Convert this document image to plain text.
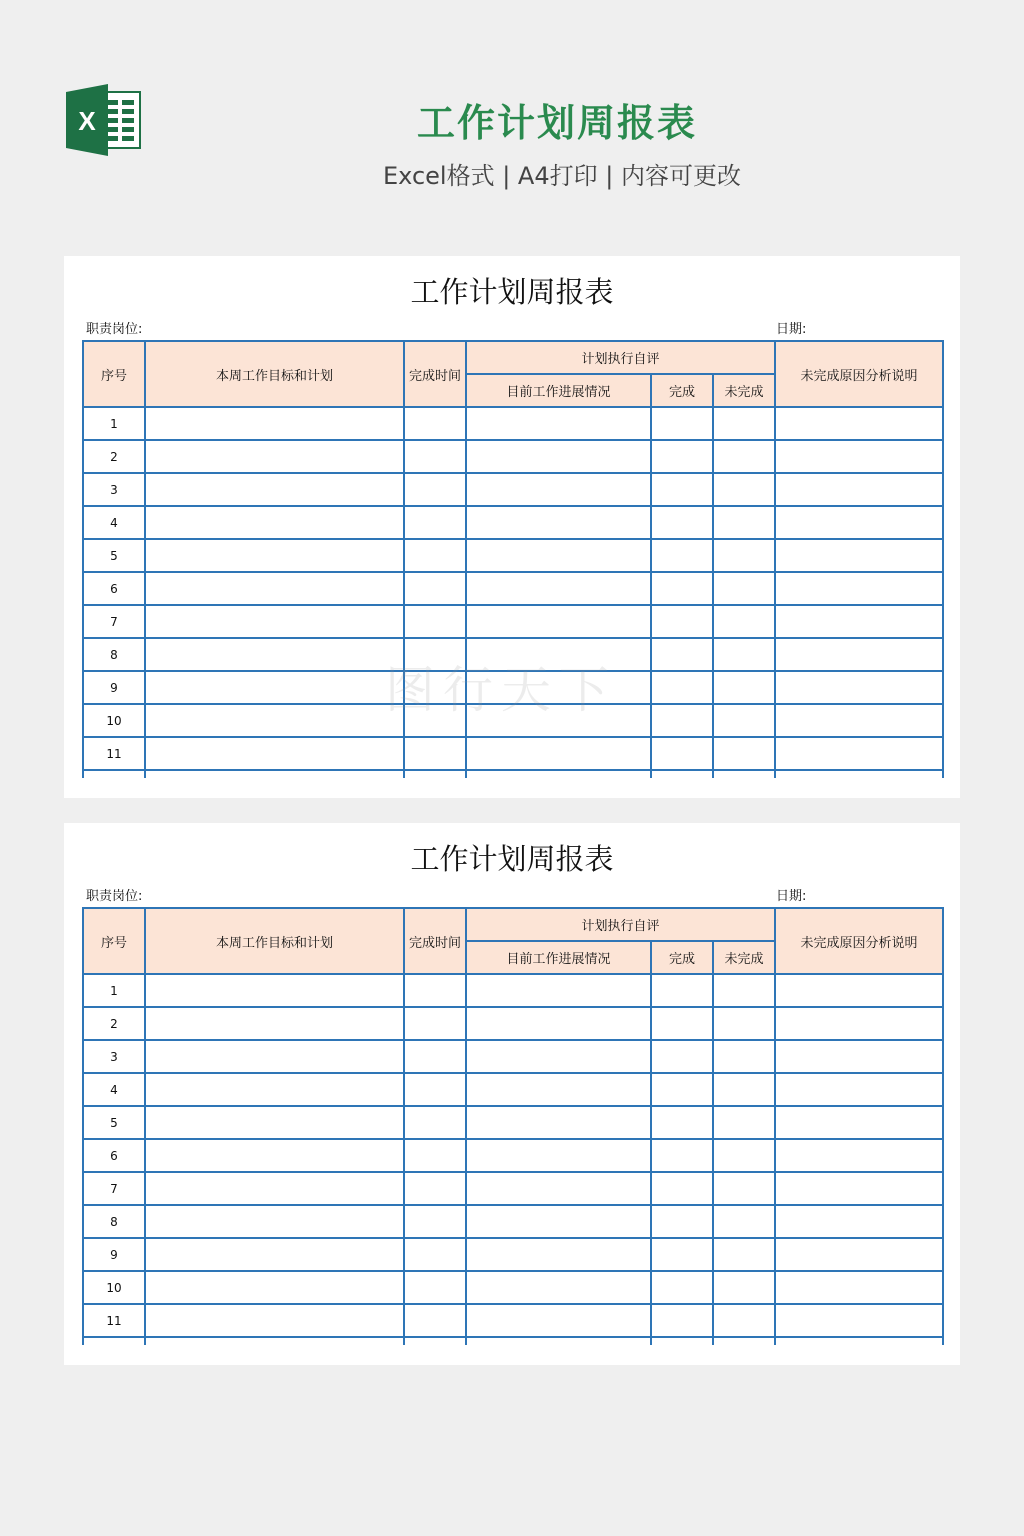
X	工作计划周报表
Excel格式 | A4打印 | 内容可更改
工作计划周报表
职责岗位:	日期:
序号	本周工作目标和计划	完成时间	计划执行自评			未完成原因分析说明
			目前工作进展情况	完成	未完成	
1						
2						
3						
4						
5						
6						
7						
8						
9						
10						
11						

工作计划周报表
职责岗位:	日期:
序号	本周工作目标和计划	完成时间	计划执行自评			未完成原因分析说明
			目前工作进展情况	完成	未完成	
1						
2						
3						
4						
5						
6						
7						
8						
9						
10						
11						
